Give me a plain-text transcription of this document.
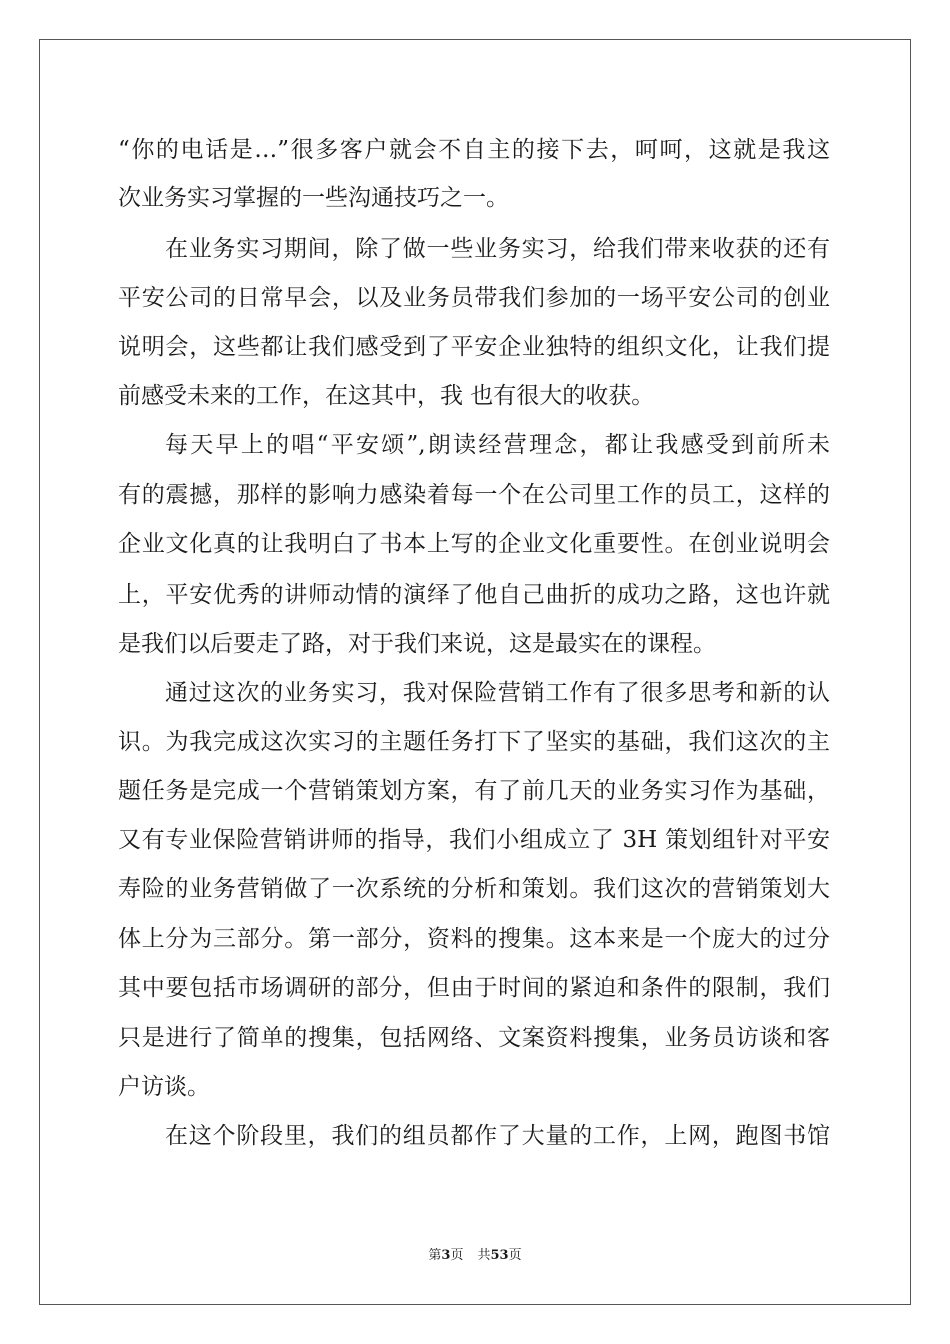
“你的电话是…”很多客户就会不自主的接下去，呵呵，这就是我这
次业务实习掌握的一些沟通技巧之一。
在业务实习期间，除了做一些业务实习，给我们带来收获的还有
平安公司的日常早会，以及业务员带我们参加的一场平安公司的创业
说明会，这些都让我们感受到了平安企业独特的组织文化，让我们提
前感受未来的工作，在这其中，我 也有很大的收获。
每天早上的唱“平安颂”,朗读经营理念，都让我感受到前所未
有的震撼，那样的影响力感染着每一个在公司里工作的员工，这样的
企业文化真的让我明白了书本上写的企业文化重要性。在创业说明会
上，平安优秀的讲师动情的演绎了他自己曲折的成功之路，这也许就
是我们以后要走了路，对于我们来说，这是最实在的课程。
通过这次的业务实习，我对保险营销工作有了很多思考和新的认
识。为我完成这次实习的主题任务打下了坚实的基础，我们这次的主
题任务是完成一个营销策划方案，有了前几天的业务实习作为基础，
又有专业保险营销讲师的指导，我们小组成立了 3H 策划组针对平安
寿险的业务营销做了一次系统的分析和策划。我们这次的营销策划大
体上分为三部分。第一部分，资料的搜集。这本来是一个庞大的过分
其中要包括市场调研的部分，但由于时间的紧迫和条件的限制，我们
只是进行了简单的搜集，包括网络、文案资料搜集，业务员访谈和客
户访谈。
在这个阶段里，我们的组员都作了大量的工作，上网，跑图书馆
第3页 共53页
